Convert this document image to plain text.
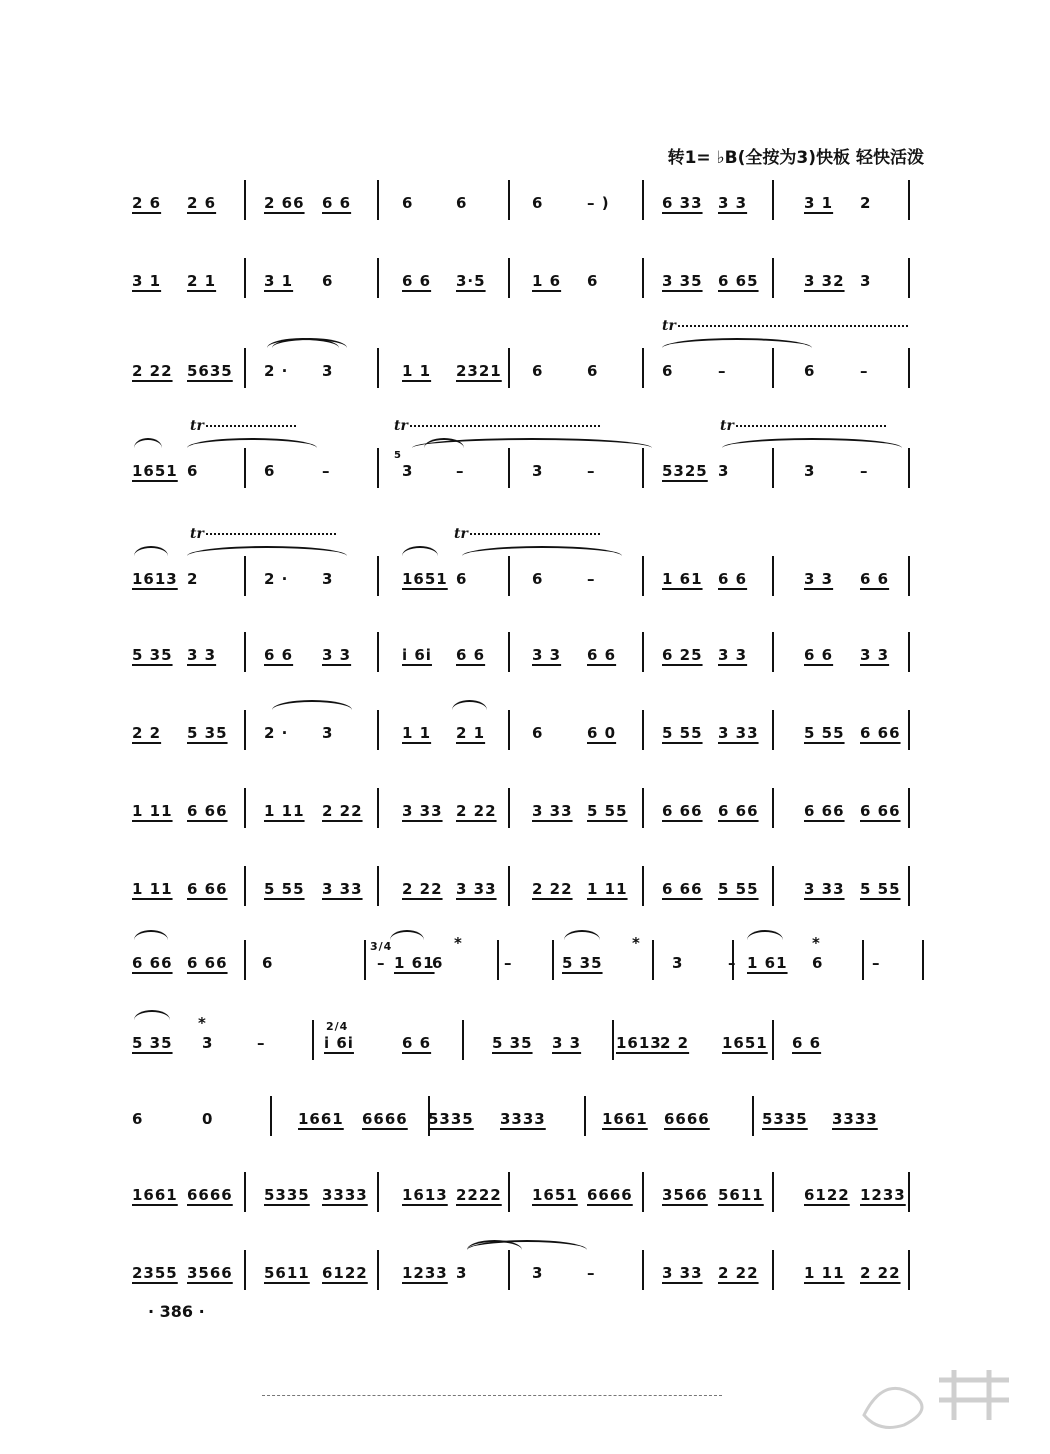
转1= ♭B(全按为3)快板 轻快活泼
2 6 2 6	2 66 6 6	6	6	6	– )	6 33 3 3	3 1 2
3 1 2 1	3 1 6	6 6 3·5	1 6 6	3 35 6 65	3 32 3
2 22 5635 2 · 3	1 1 2321 6	6	6	–	6	–
tr
1651 6	6	–	3	–	3	–	5325 3	3	–
tr	tr	tr
5
1613 2	2 · 3	1651 6	6	–	1 61 6 6	3 3 6 6
tr	tr
5 35 3 3	6 6 3 3	i 6i 6 6	3 3 6 6	6 25 3 3	6 6 3 3
2 2 5 35 2 · 3	1 1 2 1	6	6 0	5 55 3 33	5 55 6 66
1 11 6 66 1 11 2 22	3 33 2 22 3 33 5 55 6 66 6 66	6 66 6 66
1 11 6 66 5 55 3 33	2 22 3 33 2 22 1 11 6 66 5 55	3 33 5 55
6 66 6 66 6	– 1 61
6	–	5 35	3	– 1 61 6	–
3/4	*	*	*
5 35 3	–	i 6i	6 6	5 35 3 3 1613
2 2 1651 6 6
2/4
*
6	0	1661 6666 5335 3333	1661 6666	5335 3333
1661 6666 5335 3333 1613 2222 1651 6666 3566 5611	6122 1233
2355 3566 5611 6122 1233 3	3	–	3 33 2 22	1 11 2 22
· 386 ·
